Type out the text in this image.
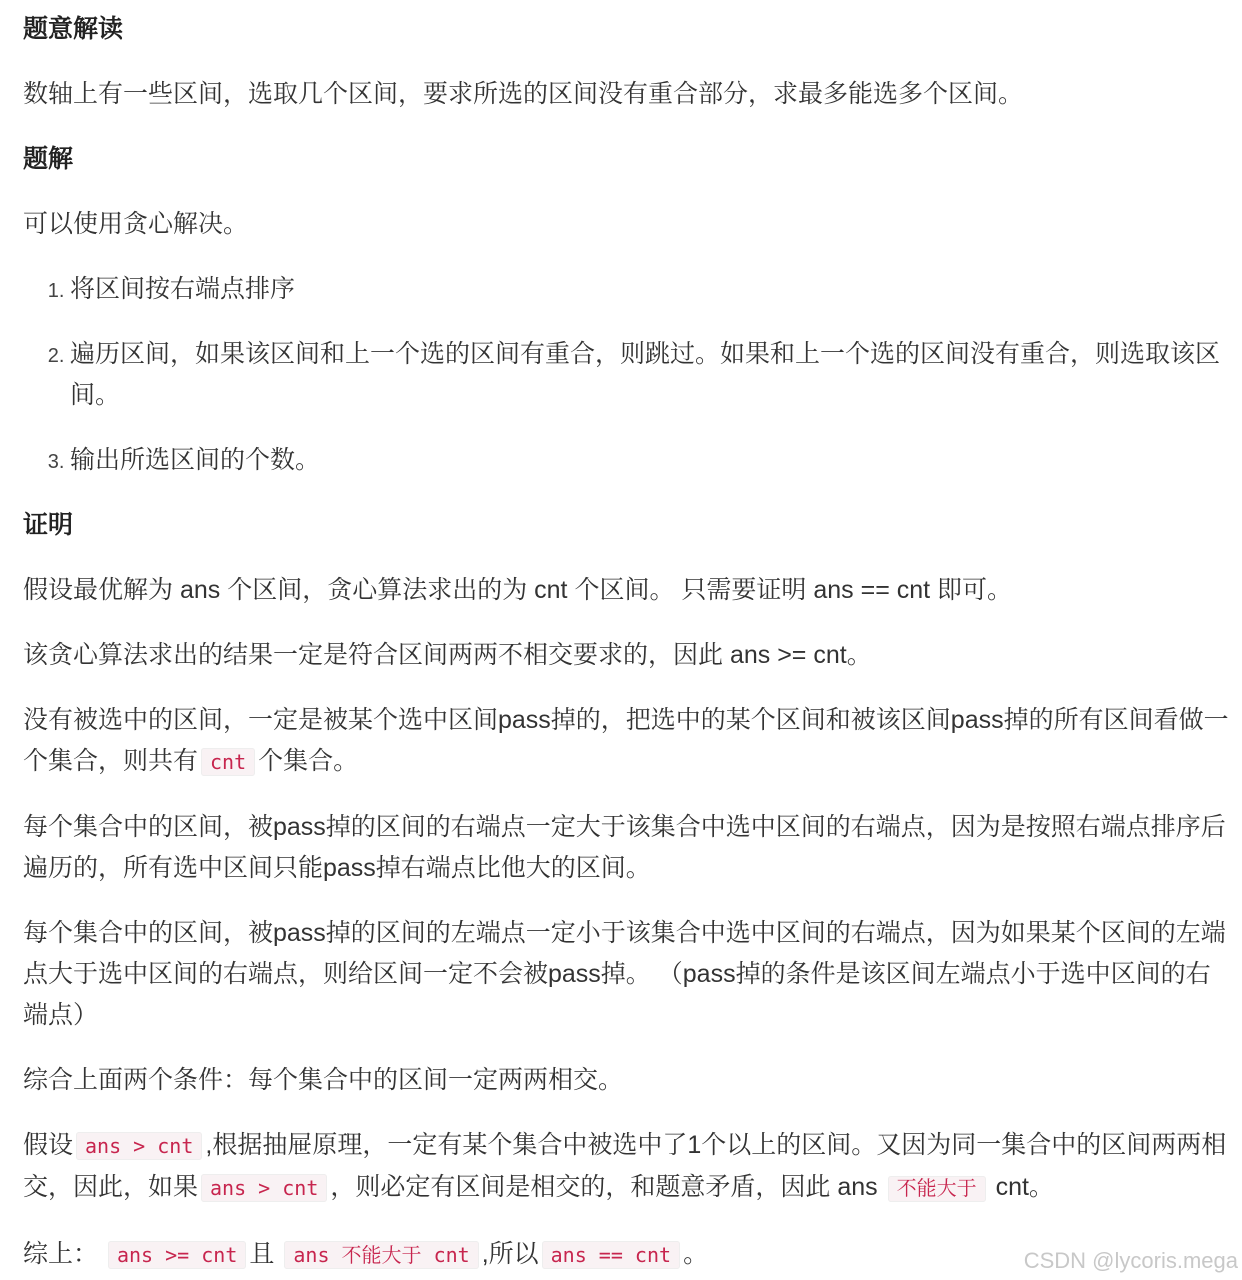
题意解读

数轴上有一些区间，选取几个区间，要求所选的区间没有重合部分，求最多能选多个区间。

题解

可以使用贪心解决。

1. 将区间按右端点排序
2. 遍历区间，如果该区间和上一个选的区间有重合，则跳过。如果和上一个选的区间没有重合，则选取该区间。
3. 输出所选区间的个数。
证明

假设最优解为 ans 个区间，贪心算法求出的为 cnt 个区间。 只需要证明 ans == cnt 即可。

该贪心算法求出的结果一定是符合区间两两不相交要求的，因此 ans >= cnt。

没有被选中的区间，一定是被某个选中区间pass掉的，把选中的某个区间和被该区间pass掉的所有区间看做一个集合，则共有 cnt 个集合。

每个集合中的区间，被pass掉的区间的右端点一定大于该集合中选中区间的右端点，因为是按照右端点排序后遍历的，所有选中区间只能pass掉右端点比他大的区间。

每个集合中的区间，被pass掉的区间的左端点一定小于该集合中选中区间的右端点，因为如果某个区间的左端点大于选中区间的右端点，则给区间一定不会被pass掉。 （pass掉的条件是该区间左端点小于选中区间的右端点）

综合上面两个条件：每个集合中的区间一定两两相交。

假设 ans > cnt ,根据抽屉原理，一定有某个集合中被选中了1个以上的区间。又因为同一集合中的区间两两相交，因此，如果 ans > cnt ，则必定有区间是相交的，和题意矛盾，因此 ans 不能大于 cnt。

综上： ans >= cnt 且 ans 不能大于 cnt ,所以 ans == cnt 。	CSDN @lycoris.mega
